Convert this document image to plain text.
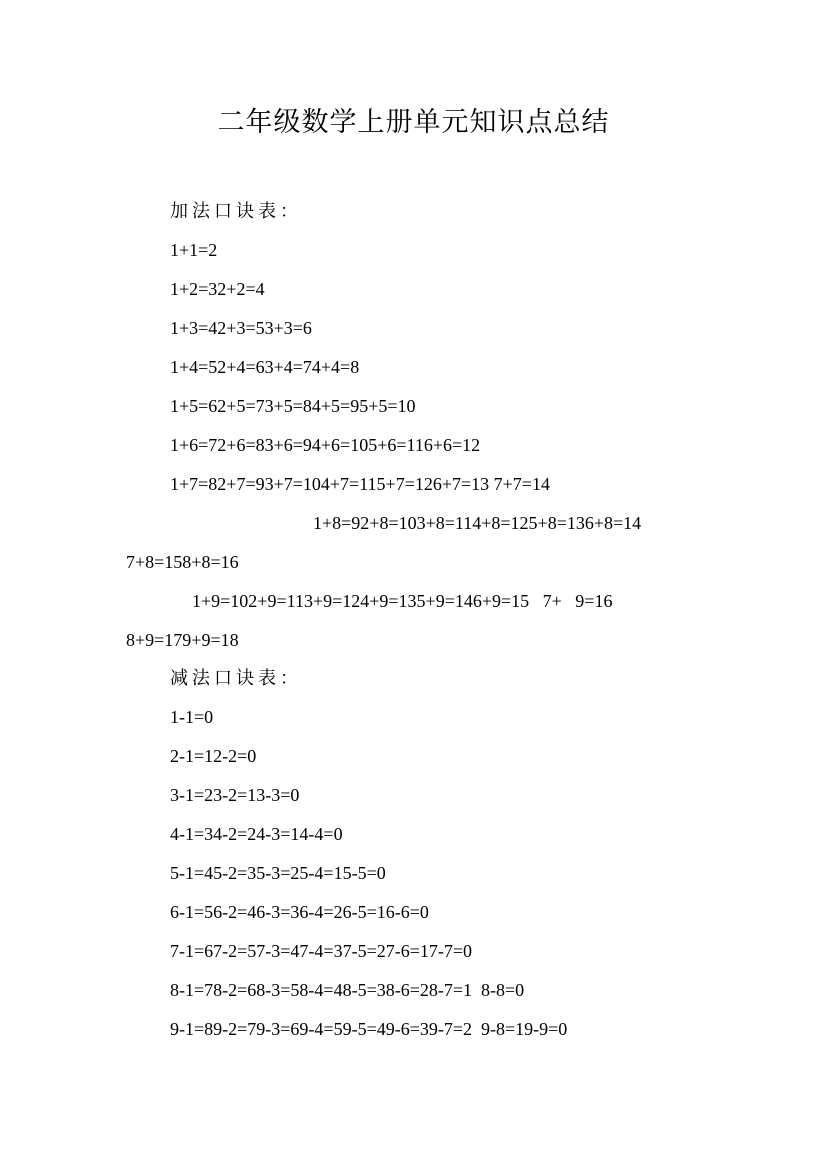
二年级数学上册单元知识点总结
加法口诀表：
1+1=2
1+2=32+2=4
1+3=42+3=53+3=6
1+4=52+4=63+4=74+4=8
1+5=62+5=73+5=84+5=95+5=10
1+6=72+6=83+6=94+6=105+6=116+6=12
1+7=82+7=93+7=104+7=115+7=126+7=13 7+7=14
1+8=92+8=103+8=114+8=125+8=136+8=14
7+8=158+8=16
1+9=102+9=113+9=124+9=135+9=146+9=15   7+   9=16
8+9=179+9=18
减法口诀表：
1-1=0
2-1=12-2=0
3-1=23-2=13-3=0
4-1=34-2=24-3=14-4=0
5-1=45-2=35-3=25-4=15-5=0
6-1=56-2=46-3=36-4=26-5=16-6=0
7-1=67-2=57-3=47-4=37-5=27-6=17-7=0
8-1=78-2=68-3=58-4=48-5=38-6=28-7=1  8-8=0
9-1=89-2=79-3=69-4=59-5=49-6=39-7=2  9-8=19-9=0
